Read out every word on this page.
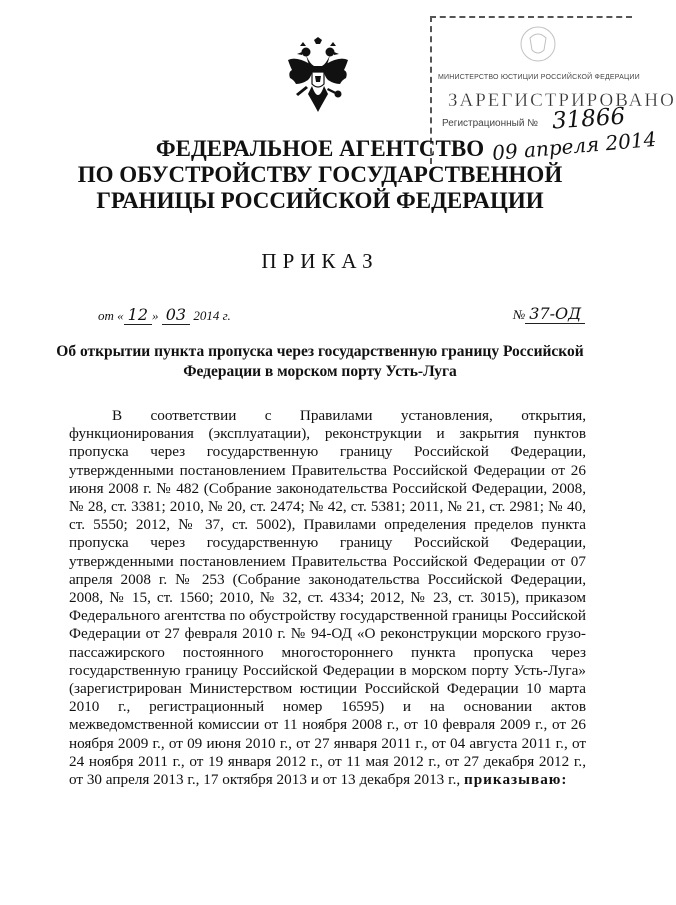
МИНИСТЕРСТВО ЮСТИЦИИ РОССИЙСКОЙ ФЕДЕРАЦИИ
ЗАРЕГИСТРИРОВАНО
Регистрационный № 31866
09 апреля 2014
ФЕДЕРАЛЬНОЕ АГЕНТСТВО
ПО ОБУСТРОЙСТВУ ГОСУДАРСТВЕННОЙ
ГРАНИЦЫ РОССИЙСКОЙ ФЕДЕРАЦИИ
ПРИКАЗ
от « 12 » 03 2014 г.	№ 37-ОД
Об открытии пункта пропуска через государственную границу Российской
Федерации в морском порту Усть-Луга

В соответствии с Правилами установления, открытия, функционирования (эксплуатации), реконструкции и закрытия пунктов пропуска через государственную границу Российской Федерации, утвержденными постановлением Правительства Российской Федерации от 26 июня 2008 г. № 482 (Собрание законодательства Российской Федерации, 2008, № 28, ст. 3381; 2010, № 20, ст. 2474; № 42, ст. 5381; 2011, № 21, ст. 2981; № 40, ст. 5550; 2012, № 37, ст. 5002), Правилами определения пределов пункта пропуска через государственную границу Российской Федерации, утвержденными постановлением Правительства Российской Федерации от 07 апреля 2008 г. № 253 (Собрание законодательства Российской Федерации, 2008, № 15, ст. 1560; 2010, № 32, ст. 4334; 2012, № 23, ст. 3015), приказом Федерального агентства по обустройству государственной границы Российской Федерации от 27 февраля 2010 г. № 94-ОД «О реконструкции морского грузо-пассажирского постоянного многостороннего пункта пропуска через государственную границу Российской Федерации в морском порту Усть-Луга» (зарегистрирован Министерством юстиции Российской Федерации 10 марта 2010 г., регистрационный номер 16595) и на основании актов межведомственной комиссии от 11 ноября 2008 г., от 10 февраля 2009 г., от 26 ноября 2009 г., от 09 июня 2010 г., от 27 января 2011 г., от 04 августа 2011 г., от 24 ноября 2011 г., от 19 января 2012 г., от 11 мая 2012 г., от 27 декабря 2012 г., от 30 апреля 2013 г., 17 октября 2013 и от 13 декабря 2013 г., приказываю:
